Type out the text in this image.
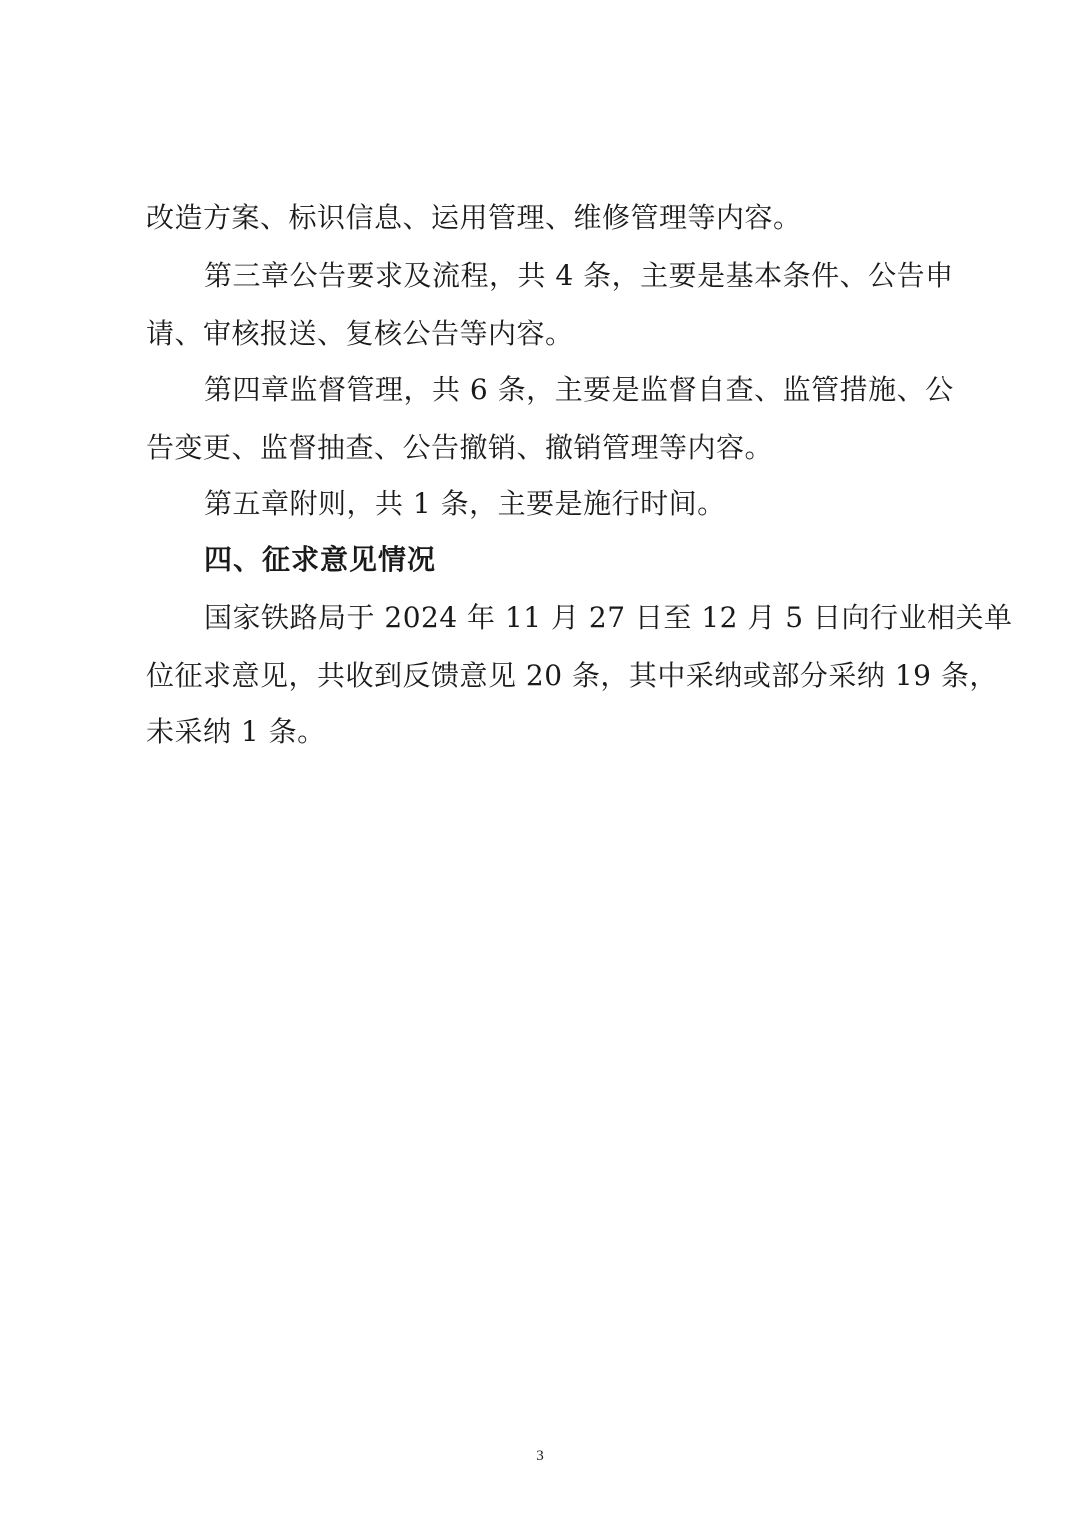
改造方案、标识信息、运用管理、维修管理等内容。
第三章公告要求及流程，共 4 条，主要是基本条件、公告申
请、审核报送、复核公告等内容。
第四章监督管理，共 6 条，主要是监督自查、监管措施、公
告变更、监督抽查、公告撤销、撤销管理等内容。
第五章附则，共 1 条，主要是施行时间。
四、征求意见情况
国家铁路局于 2024 年 11 月 27 日至 12 月 5 日向行业相关单
位征求意见，共收到反馈意见 20 条，其中采纳或部分采纳 19 条，
未采纳 1 条。
3
